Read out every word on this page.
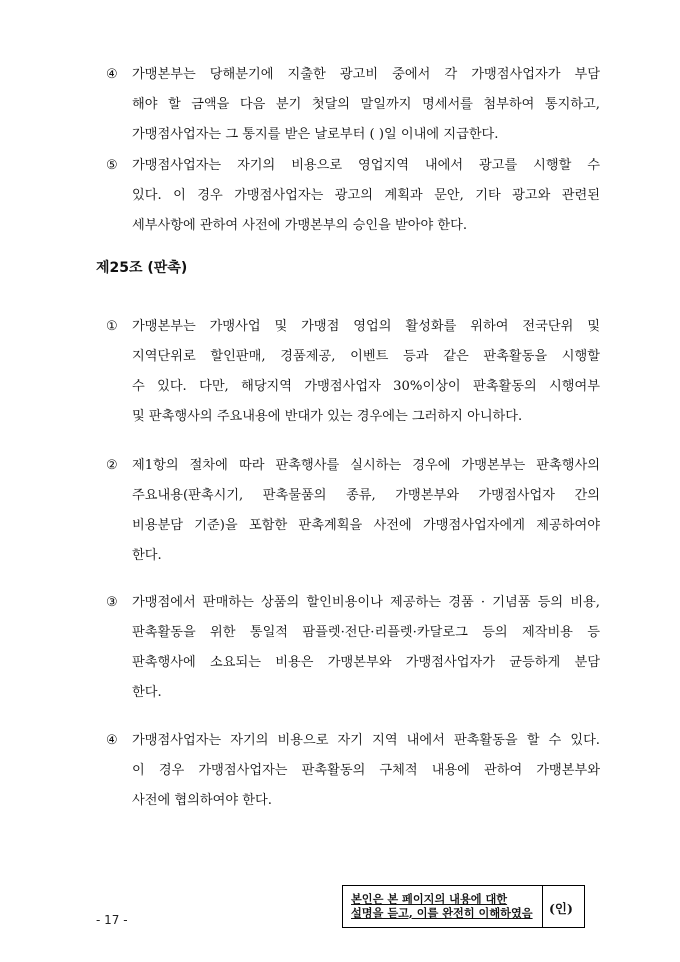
④	가맹본부는 당해분기에 지출한 광고비 중에서 각 가맹점사업자가 부담
해야 할 금액을 다음 분기 첫달의 말일까지 명세서를 첨부하여 통지하고,
가맹점사업자는 그 통지를 받은 날로부터 ( )일 이내에 지급한다.
⑤	가맹점사업자는 자기의 비용으로 영업지역 내에서 광고를 시행할 수
있다. 이 경우 가맹점사업자는 광고의 계획과 문안, 기타 광고와 관련된
세부사항에 관하여 사전에 가맹본부의 승인을 받아야 한다.
제25조 (판촉)
①	가맹본부는 가맹사업 및 가맹점 영업의 활성화를 위하여 전국단위 및
지역단위로 할인판매, 경품제공, 이벤트 등과 같은 판촉활동을 시행할
수 있다. 다만, 해당지역 가맹점사업자 30%이상이 판촉활동의 시행여부
및 판촉행사의 주요내용에 반대가 있는 경우에는 그러하지 아니하다.
②	제1항의 절차에 따라 판촉행사를 실시하는 경우에 가맹본부는 판촉행사의
주요내용(판촉시기, 판촉물품의 종류, 가맹본부와 가맹점사업자 간의
비용분담 기준)을 포함한 판촉계획을 사전에 가맹점사업자에게 제공하여야
한다.
③	가맹점에서 판매하는 상품의 할인비용이나 제공하는 경품 · 기념품 등의 비용,
판촉활동을 위한 통일적 팜플렛·전단·리플렛·카달로그 등의 제작비용 등
판촉행사에 소요되는 비용은 가맹본부와 가맹점사업자가 균등하게 분담
한다.
④	가맹점사업자는 자기의 비용으로 자기 지역 내에서 판촉활동을 할 수 있다.
이 경우 가맹점사업자는 판촉활동의 구체적 내용에 관하여 가맹본부와
사전에 협의하여야 한다.
- 17 -
본인은 본 페이지의 내용에 대한
설명을 듣고, 이를 완전히 이해하였음 (인)
